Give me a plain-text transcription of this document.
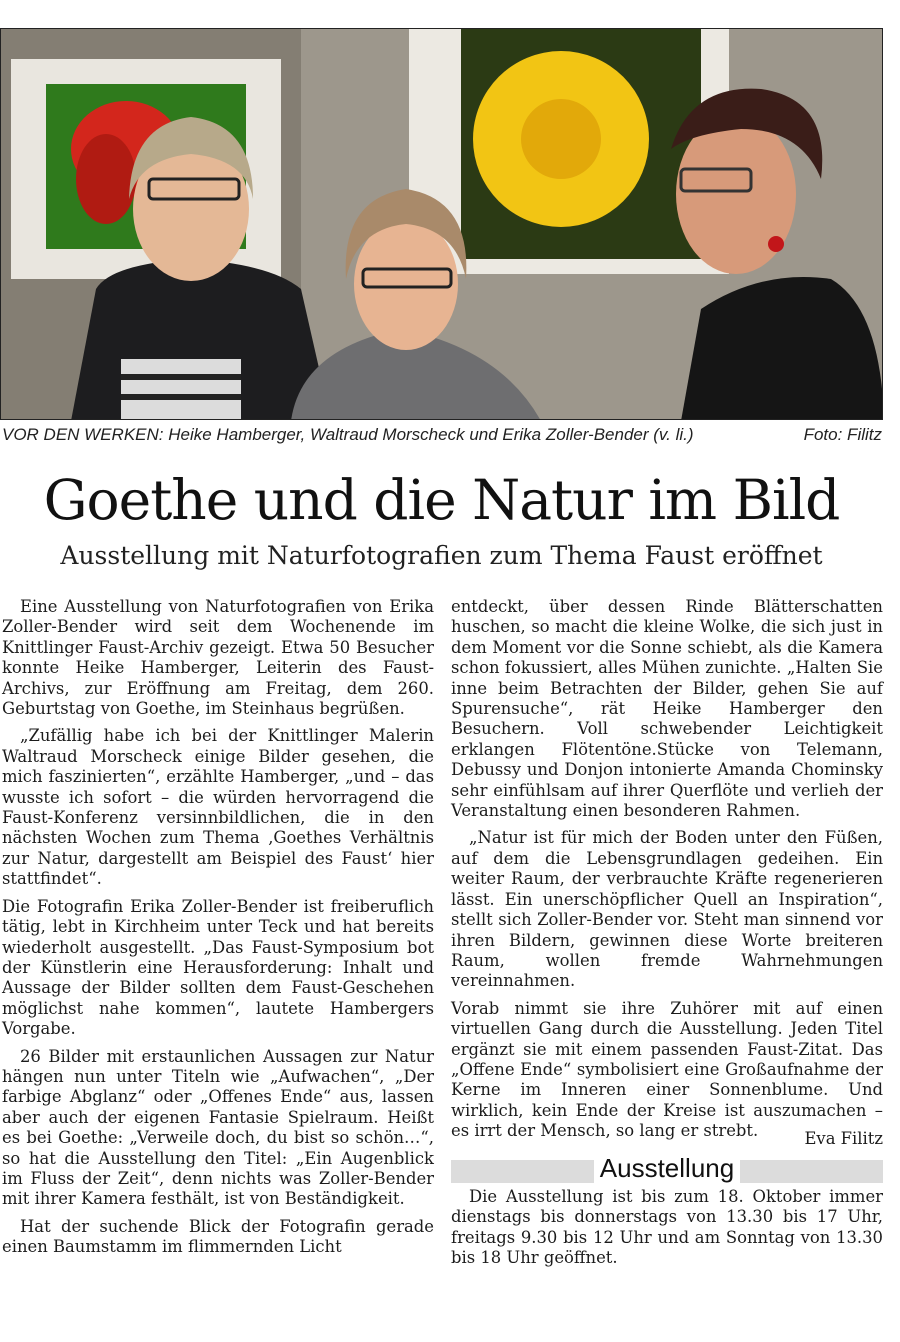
VOR DEN WERKEN: Heike Hamberger, Waltraud Morscheck und Erika Zoller-Bender (v. li.)	Foto: Filitz
Goethe und die Natur im Bild
Ausstellung mit Naturfotografien zum Thema Faust eröffnet

Eine Ausstellung von Naturfotografien von Erika Zoller-Bender wird seit dem Wochenende im Knittlinger Faust-Archiv gezeigt. Etwa 50 Besucher konnte Heike Hamberger, Leiterin des Faust-Archivs, zur Eröffnung am Freitag, dem 260. Geburtstag von Goethe, im Steinhaus begrüßen.

„Zufällig habe ich bei der Knittlinger Malerin Waltraud Morscheck einige Bilder gesehen, die mich faszinierten“, erzählte Hamberger, „und – das wusste ich sofort – die würden hervorragend die Faust-Konferenz versinnbildlichen, die in den nächsten Wochen zum Thema ‚Goethes Verhältnis zur Natur, dargestellt am Beispiel des Faust‘ hier stattfindet“.

Die Fotografin Erika Zoller-Bender ist freiberuflich tätig, lebt in Kirchheim unter Teck und hat bereits wiederholt ausgestellt. „Das Faust-Symposium bot der Künstlerin eine Herausforderung: Inhalt und Aussage der Bilder sollten dem Faust-Geschehen möglichst nahe kommen“, lautete Hambergers Vorgabe.

26 Bilder mit erstaunlichen Aussagen zur Natur hängen nun unter Titeln wie „Aufwachen“, „Der farbige Abglanz“ oder „Offenes Ende“ aus, lassen aber auch der eigenen Fantasie Spielraum. Heißt es bei Goethe: „Verweile doch, du bist so schön…“, so hat die Ausstellung den Titel: „Ein Augenblick im Fluss der Zeit“, denn nichts was Zoller-Bender mit ihrer Kamera festhält, ist von Beständigkeit.

Hat der suchende Blick der Fotografin gerade einen Baumstamm im flimmernden Licht

entdeckt, über dessen Rinde Blätterschatten huschen, so macht die kleine Wolke, die sich just in dem Moment vor die Sonne schiebt, als die Kamera schon fokussiert, alles Mühen zunichte. „Halten Sie inne beim Betrachten der Bilder, gehen Sie auf Spurensuche“, rät Heike Hamberger den Besuchern. Voll schwebender Leichtigkeit erklangen Flötentöne.Stücke von Telemann, Debussy und Donjon intonierte Amanda Chominsky sehr einfühlsam auf ihrer Querflöte und verlieh der Veranstaltung einen besonderen Rahmen.

„Natur ist für mich der Boden unter den Füßen, auf dem die Lebensgrundlagen gedeihen. Ein weiter Raum, der verbrauchte Kräfte regenerieren lässt. Ein unerschöpflicher Quell an Inspiration“, stellt sich Zoller-Bender vor. Steht man sinnend vor ihren Bildern, gewinnen diese Worte breiteren Raum, wollen fremde Wahrnehmungen vereinnahmen.

Vorab nimmt sie ihre Zuhörer mit auf einen virtuellen Gang durch die Ausstellung. Jeden Titel ergänzt sie mit einem passenden Faust-Zitat. Das „Offene Ende“ symbolisiert eine Großaufnahme der Kerne im Inneren einer Sonnenblume. Und wirklich, kein Ende der Kreise ist auszumachen – es irrt der Mensch, so lang er strebt.	Eva Filitz
Ausstellung

Die Ausstellung ist bis zum 18. Oktober immer dienstags bis donnerstags von 13.30 bis 17 Uhr, freitags 9.30 bis 12 Uhr und am Sonntag von 13.30 bis 18 Uhr geöffnet.
